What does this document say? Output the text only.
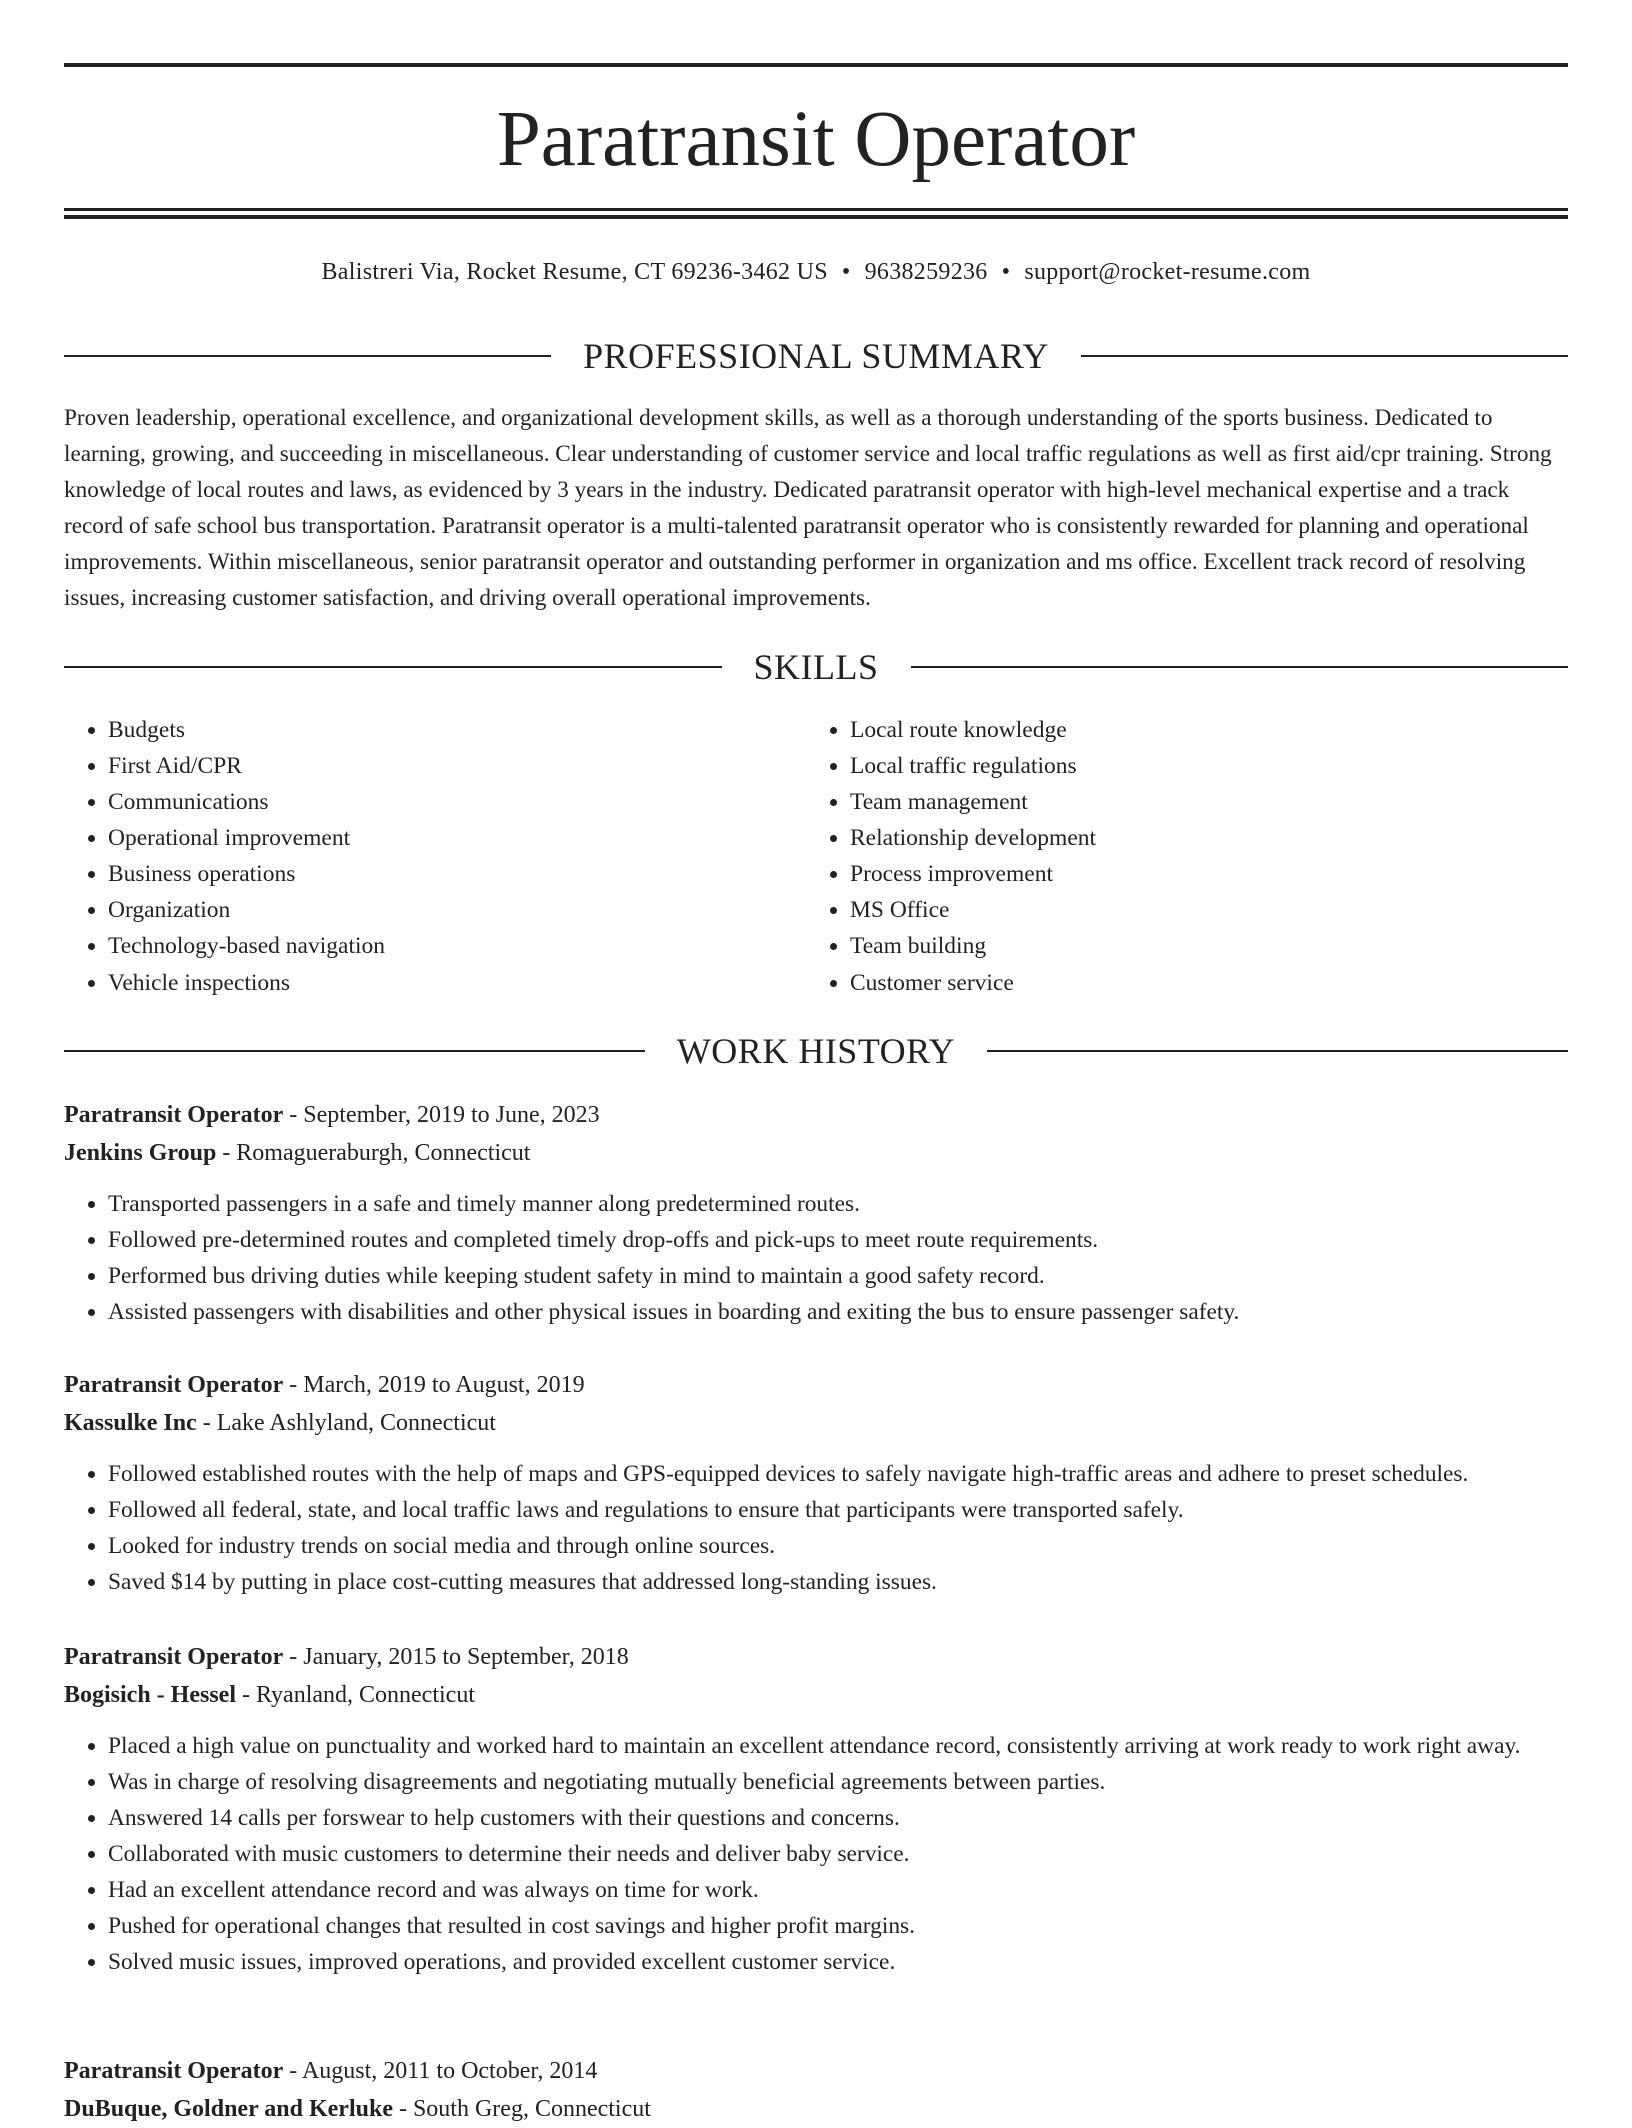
Paratransit Operator
Balistreri Via, Rocket Resume, CT 69236-3462 US • 9638259236 • support@rocket-resume.com
PROFESSIONAL SUMMARY

Proven leadership, operational excellence, and organizational development skills, as well as a thorough understanding of the sports business. Dedicated to learning, growing, and succeeding in miscellaneous. Clear understanding of customer service and local traffic regulations as well as first aid/cpr training. Strong knowledge of local routes and laws, as evidenced by 3 years in the industry. Dedicated paratransit operator with high-level mechanical expertise and a track record of safe school bus transportation. Paratransit operator is a multi-talented paratransit operator who is consistently rewarded for planning and operational improvements. Within miscellaneous, senior paratransit operator and outstanding performer in organization and ms office. Excellent track record of resolving issues, increasing customer satisfaction, and driving overall operational improvements.

SKILLS
• Budgets
• First Aid/CPR
• Communications
• Operational improvement
• Business operations
• Organization
• Technology-based navigation
• Vehicle inspections
• Local route knowledge
• Local traffic regulations
• Team management
• Relationship development
• Process improvement
• MS Office
• Team building
• Customer service
WORK HISTORY
Paratransit Operator - September, 2019 to June, 2023
Jenkins Group - Romagueraburgh, Connecticut
• Transported passengers in a safe and timely manner along predetermined routes.
• Followed pre-determined routes and completed timely drop-offs and pick-ups to meet route requirements.
• Performed bus driving duties while keeping student safety in mind to maintain a good safety record.
• Assisted passengers with disabilities and other physical issues in boarding and exiting the bus to ensure passenger safety.
Paratransit Operator - March, 2019 to August, 2019
Kassulke Inc - Lake Ashlyland, Connecticut
• Followed established routes with the help of maps and GPS-equipped devices to safely navigate high-traffic areas and adhere to preset schedules.
• Followed all federal, state, and local traffic laws and regulations to ensure that participants were transported safely.
• Looked for industry trends on social media and through online sources.
• Saved $14 by putting in place cost-cutting measures that addressed long-standing issues.
Paratransit Operator - January, 2015 to September, 2018
Bogisich - Hessel - Ryanland, Connecticut
• Placed a high value on punctuality and worked hard to maintain an excellent attendance record, consistently arriving at work ready to work right away.
• Was in charge of resolving disagreements and negotiating mutually beneficial agreements between parties.
• Answered 14 calls per forswear to help customers with their questions and concerns.
• Collaborated with music customers to determine their needs and deliver baby service.
• Had an excellent attendance record and was always on time for work.
• Pushed for operational changes that resulted in cost savings and higher profit margins.
• Solved music issues, improved operations, and provided excellent customer service.
Paratransit Operator - August, 2011 to October, 2014
DuBuque, Goldner and Kerluke - South Greg, Connecticut
